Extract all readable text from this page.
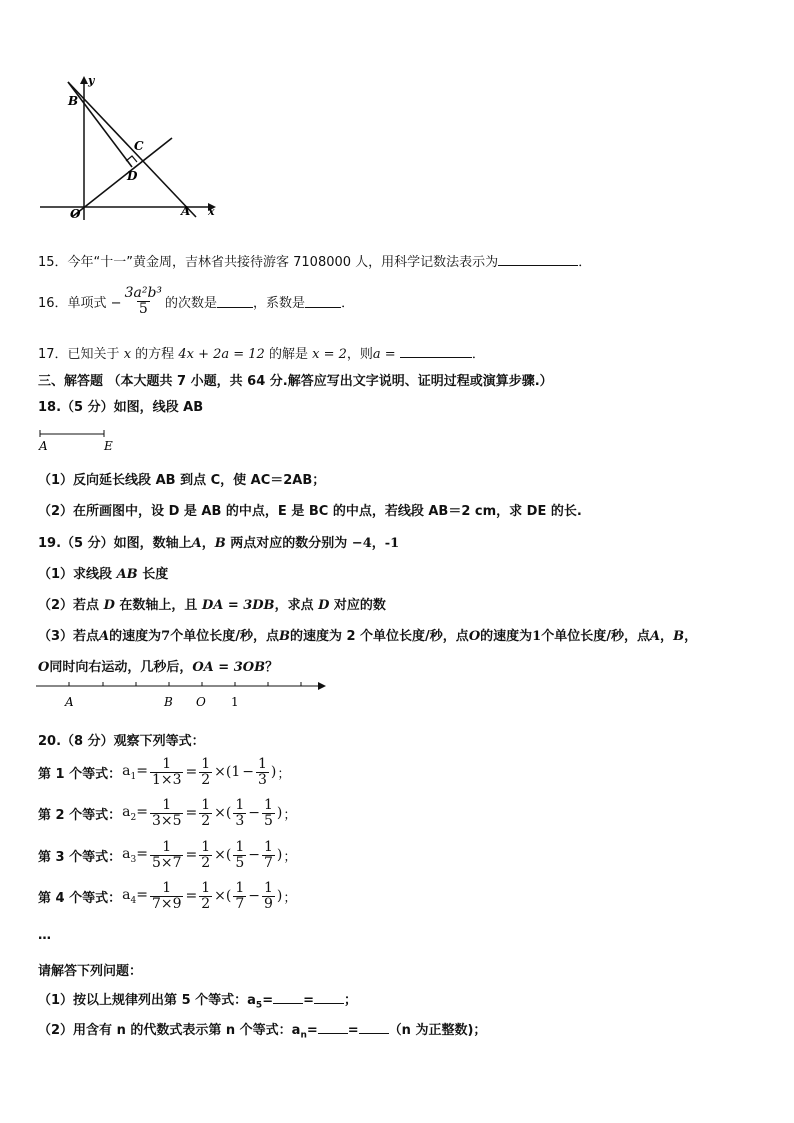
y
B
C
D
O	A x
15．今年“十一”黄金周，吉林省共接待游客 7108000 人，用科学记数法表示为	．
16．单项式 − $\frac{\text{3a²b³}}{5}$ 的次数是	，系数是	．
17．已知关于 x 的方程 4x + 2a = 12 的解是 x = 2，则a =	．
三、解答题 （本大题共 7 小题，共 64 分.解答应写出文字说明、证明过程或演算步骤.）
18.（5 分）如图，线段 AB
A	E
（1）反向延长线段 AB 到点 C，使 AC＝2AB；
（2）在所画图中，设 D 是 AB 的中点，E 是 BC 的中点，若线段 AB＝2 cm，求 DE 的长.
19.（5 分）如图，数轴上A，B 两点对应的数分别为 −4，-1
（1）求线段 AB 长度
（2）若点 D 在数轴上，且 DA = 3DB，求点 D 对应的数
（3）若点A的速度为7个单位长度/秒，点B的速度为 2 个单位长度/秒，点O的速度为1个单位长度/秒，点A，B，
O同时向右运动，几秒后，OA = 3OB？
A	B O 1
20.（8 分）观察下列等式：
第 1 个等式： $a_1= \frac{1}{1\times 3} = \frac{1}{2} \times(1 - \frac{1}{3}$ ) ；
第 2 个等式： $a_2= \frac{1}{3\times 5} = \frac{1}{2}$ ×( $\frac{1}{3} - \frac{1}{5}$ ) ；
第 3 个等式： $a_3= \frac{1}{5\times 7} = \frac{1}{2}$ ×( $\frac{1}{5} - \frac{1}{7}$ ) ；
第 4 个等式： $a_4= \frac{1}{7\times 9} = \frac{1}{2}$ ×( $\frac{1}{7} - \frac{1}{9}$ ) ；
…
请解答下列问题：
（1）按以上规律列出第 5 个等式：$a_5=$ = ；
（2）用含有 n 的代数式表示第 n 个等式：$a_n= = (n$ 为正整数)；
